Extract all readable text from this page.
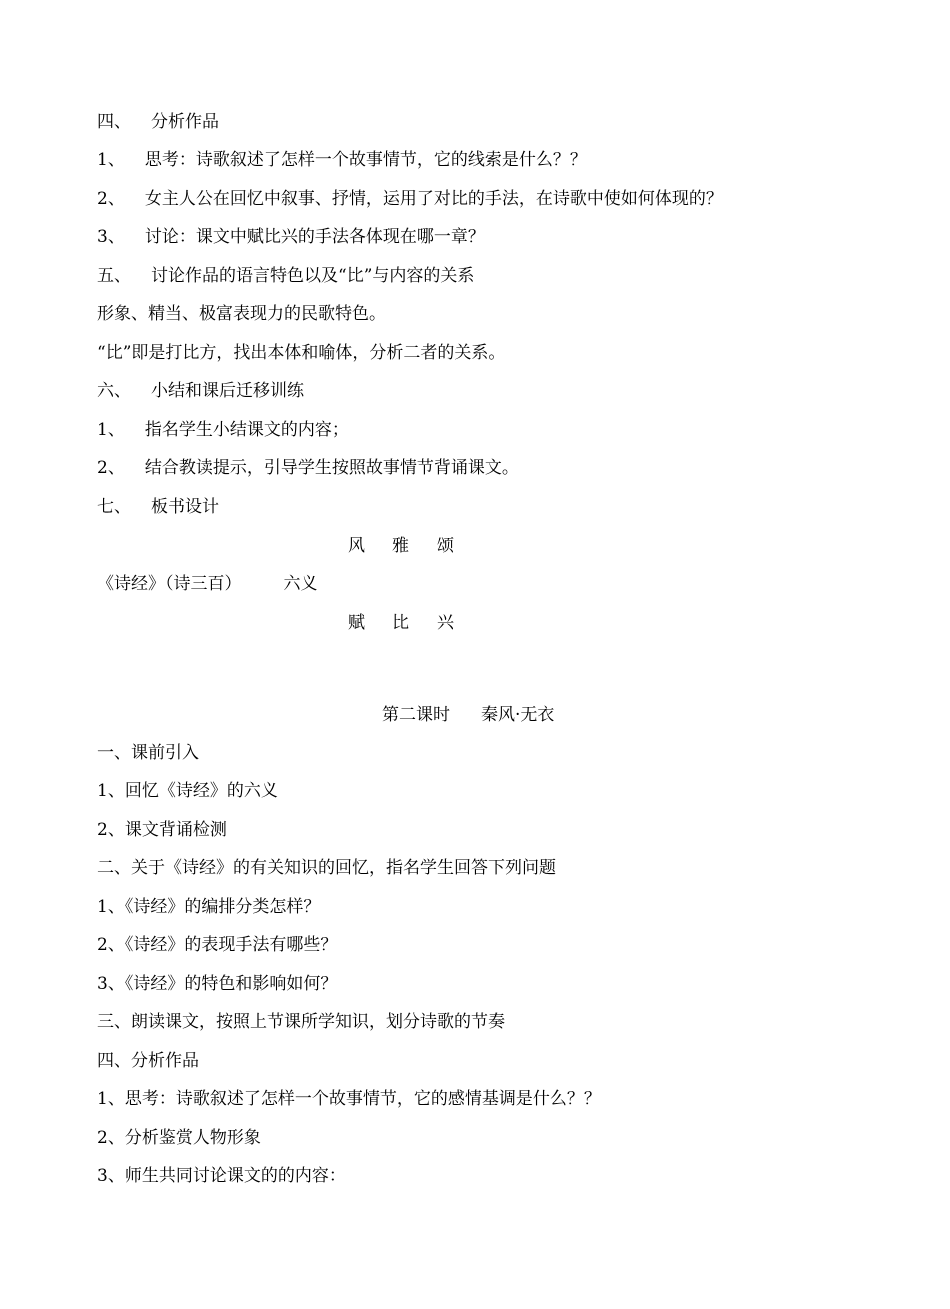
四、 分析作品
1、 思考：诗歌叙述了怎样一个故事情节，它的线索是什么？？
2、 女主人公在回忆中叙事、抒情，运用了对比的手法，在诗歌中使如何体现的？
3、 讨论：课文中赋比兴的手法各体现在哪一章？
五、 讨论作品的语言特色以及“比”与内容的关系
形象、精当、极富表现力的民歌特色。
“比”即是打比方，找出本体和喻体，分析二者的关系。
六、 小结和课后迁移训练
1、 指名学生小结课文的内容；
2、 结合教读提示，引导学生按照故事情节背诵课文。
七、 板书设计
风 雅 颂
《诗经》（诗三百） 六义
赋 比 兴
第二课时 秦风·无衣
一、课前引入
1、回忆《诗经》的六义
2、课文背诵检测
二、关于《诗经》的有关知识的回忆，指名学生回答下列问题
1、《诗经》的编排分类怎样？
2、《诗经》的表现手法有哪些？
3、《诗经》的特色和影响如何？
三、朗读课文，按照上节课所学知识，划分诗歌的节奏
四、分析作品
1、思考：诗歌叙述了怎样一个故事情节，它的感情基调是什么？？
2、分析鉴赏人物形象
3、师生共同讨论课文的的内容：
